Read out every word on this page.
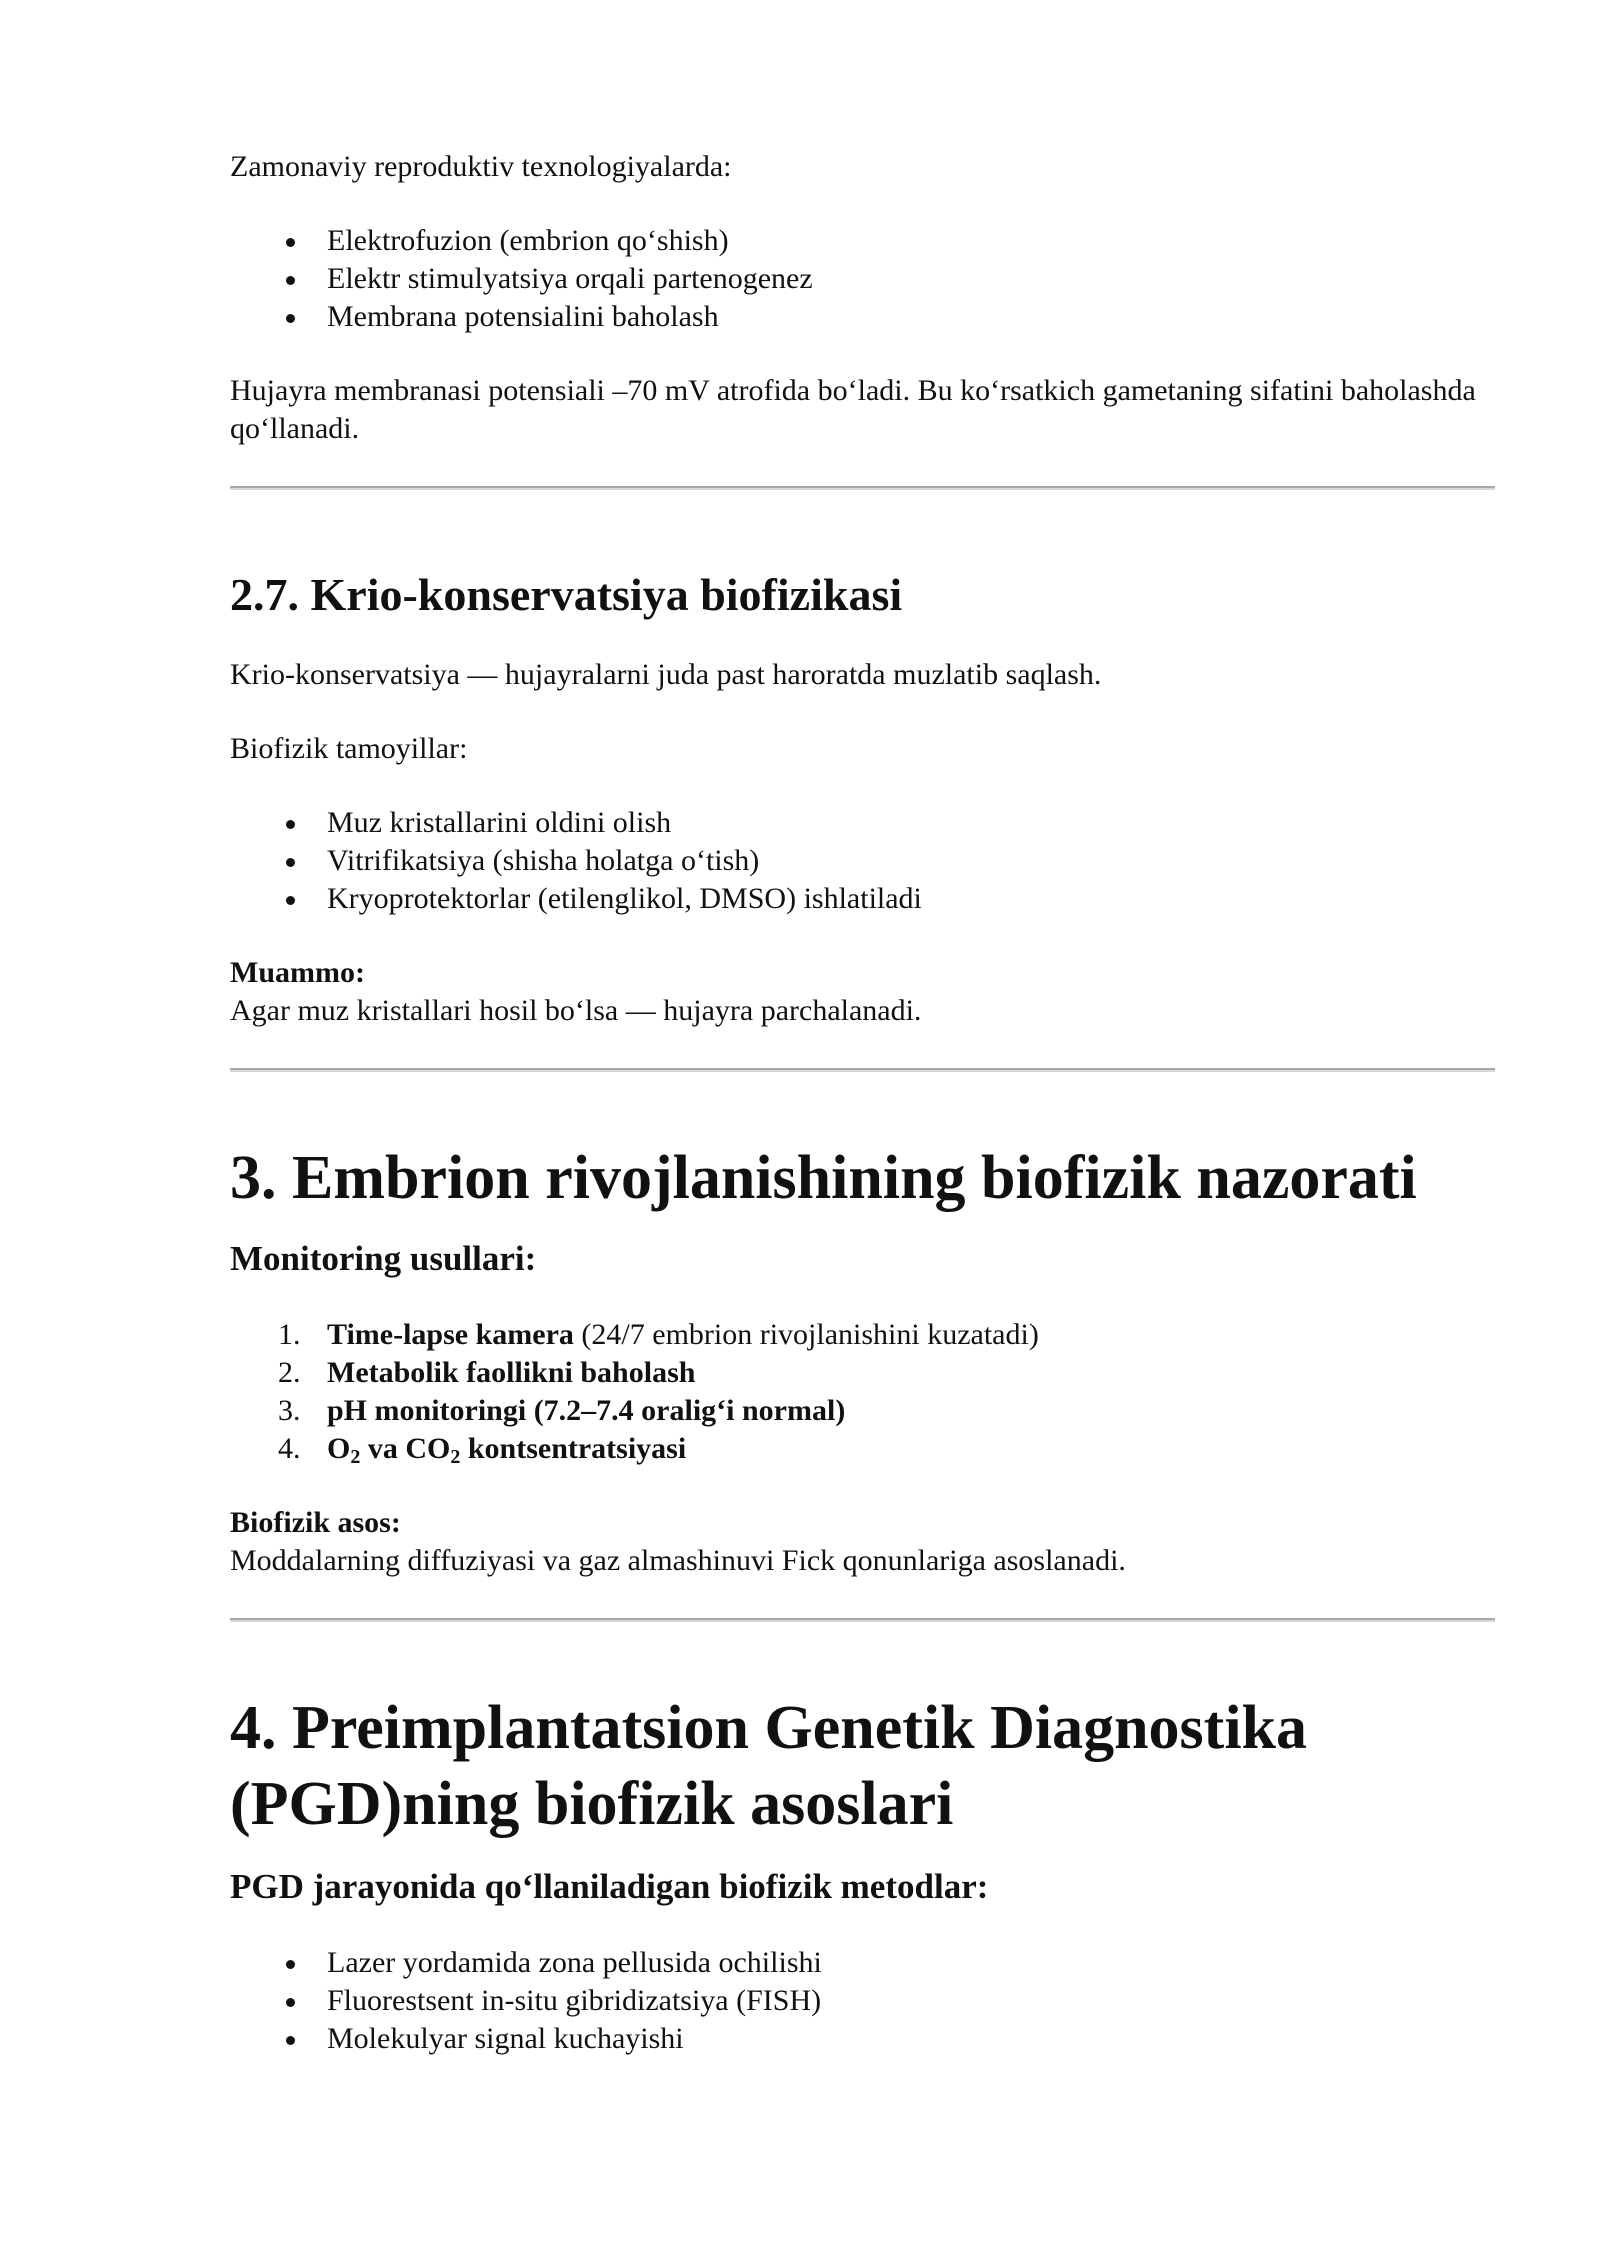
Zamonaviy reproduktiv texnologiyalarda:

Elektrofuzion (embrion qo‘shish)
Elektr stimulyatsiya orqali partenogenez
Membrana potensialini baholash

Hujayra membranasi potensiali –70 mV atrofida bo‘ladi. Bu ko‘rsatkich gametaning sifatini baholashda qo‘llanadi.

2.7. Krio-konservatsiya biofizikasi

Krio-konservatsiya — hujayralarni juda past haroratda muzlatib saqlash.

Biofizik tamoyillar:

Muz kristallarini oldini olish
Vitrifikatsiya (shisha holatga o‘tish)
Kryoprotektorlar (etilenglikol, DMSO) ishlatiladi

Muammo:

Agar muz kristallari hosil bo‘lsa — hujayra parchalanadi.

3. Embrion rivojlanishining biofizik nazorati
Monitoring usullari:
1. Time-lapse kamera (24/7 embrion rivojlanishini kuzatadi)
2. Metabolik faollikni baholash
3. pH monitoringi (7.2–7.4 oralig‘i normal)
4. $O_2$ va $CO_2$ kontsentratsiyasi

Biofizik asos:

Moddalarning diffuziyasi va gaz almashinuvi Fick qonunlariga asoslanadi.

4. Preimplantatsion Genetik Diagnostika (PGD)ning biofizik asoslari
PGD jarayonida qo‘llaniladigan biofizik metodlar:
Lazer yordamida zona pellusida ochilishi
Fluorestsent in-situ gibridizatsiya (FISH)
Molekulyar signal kuchayishi
